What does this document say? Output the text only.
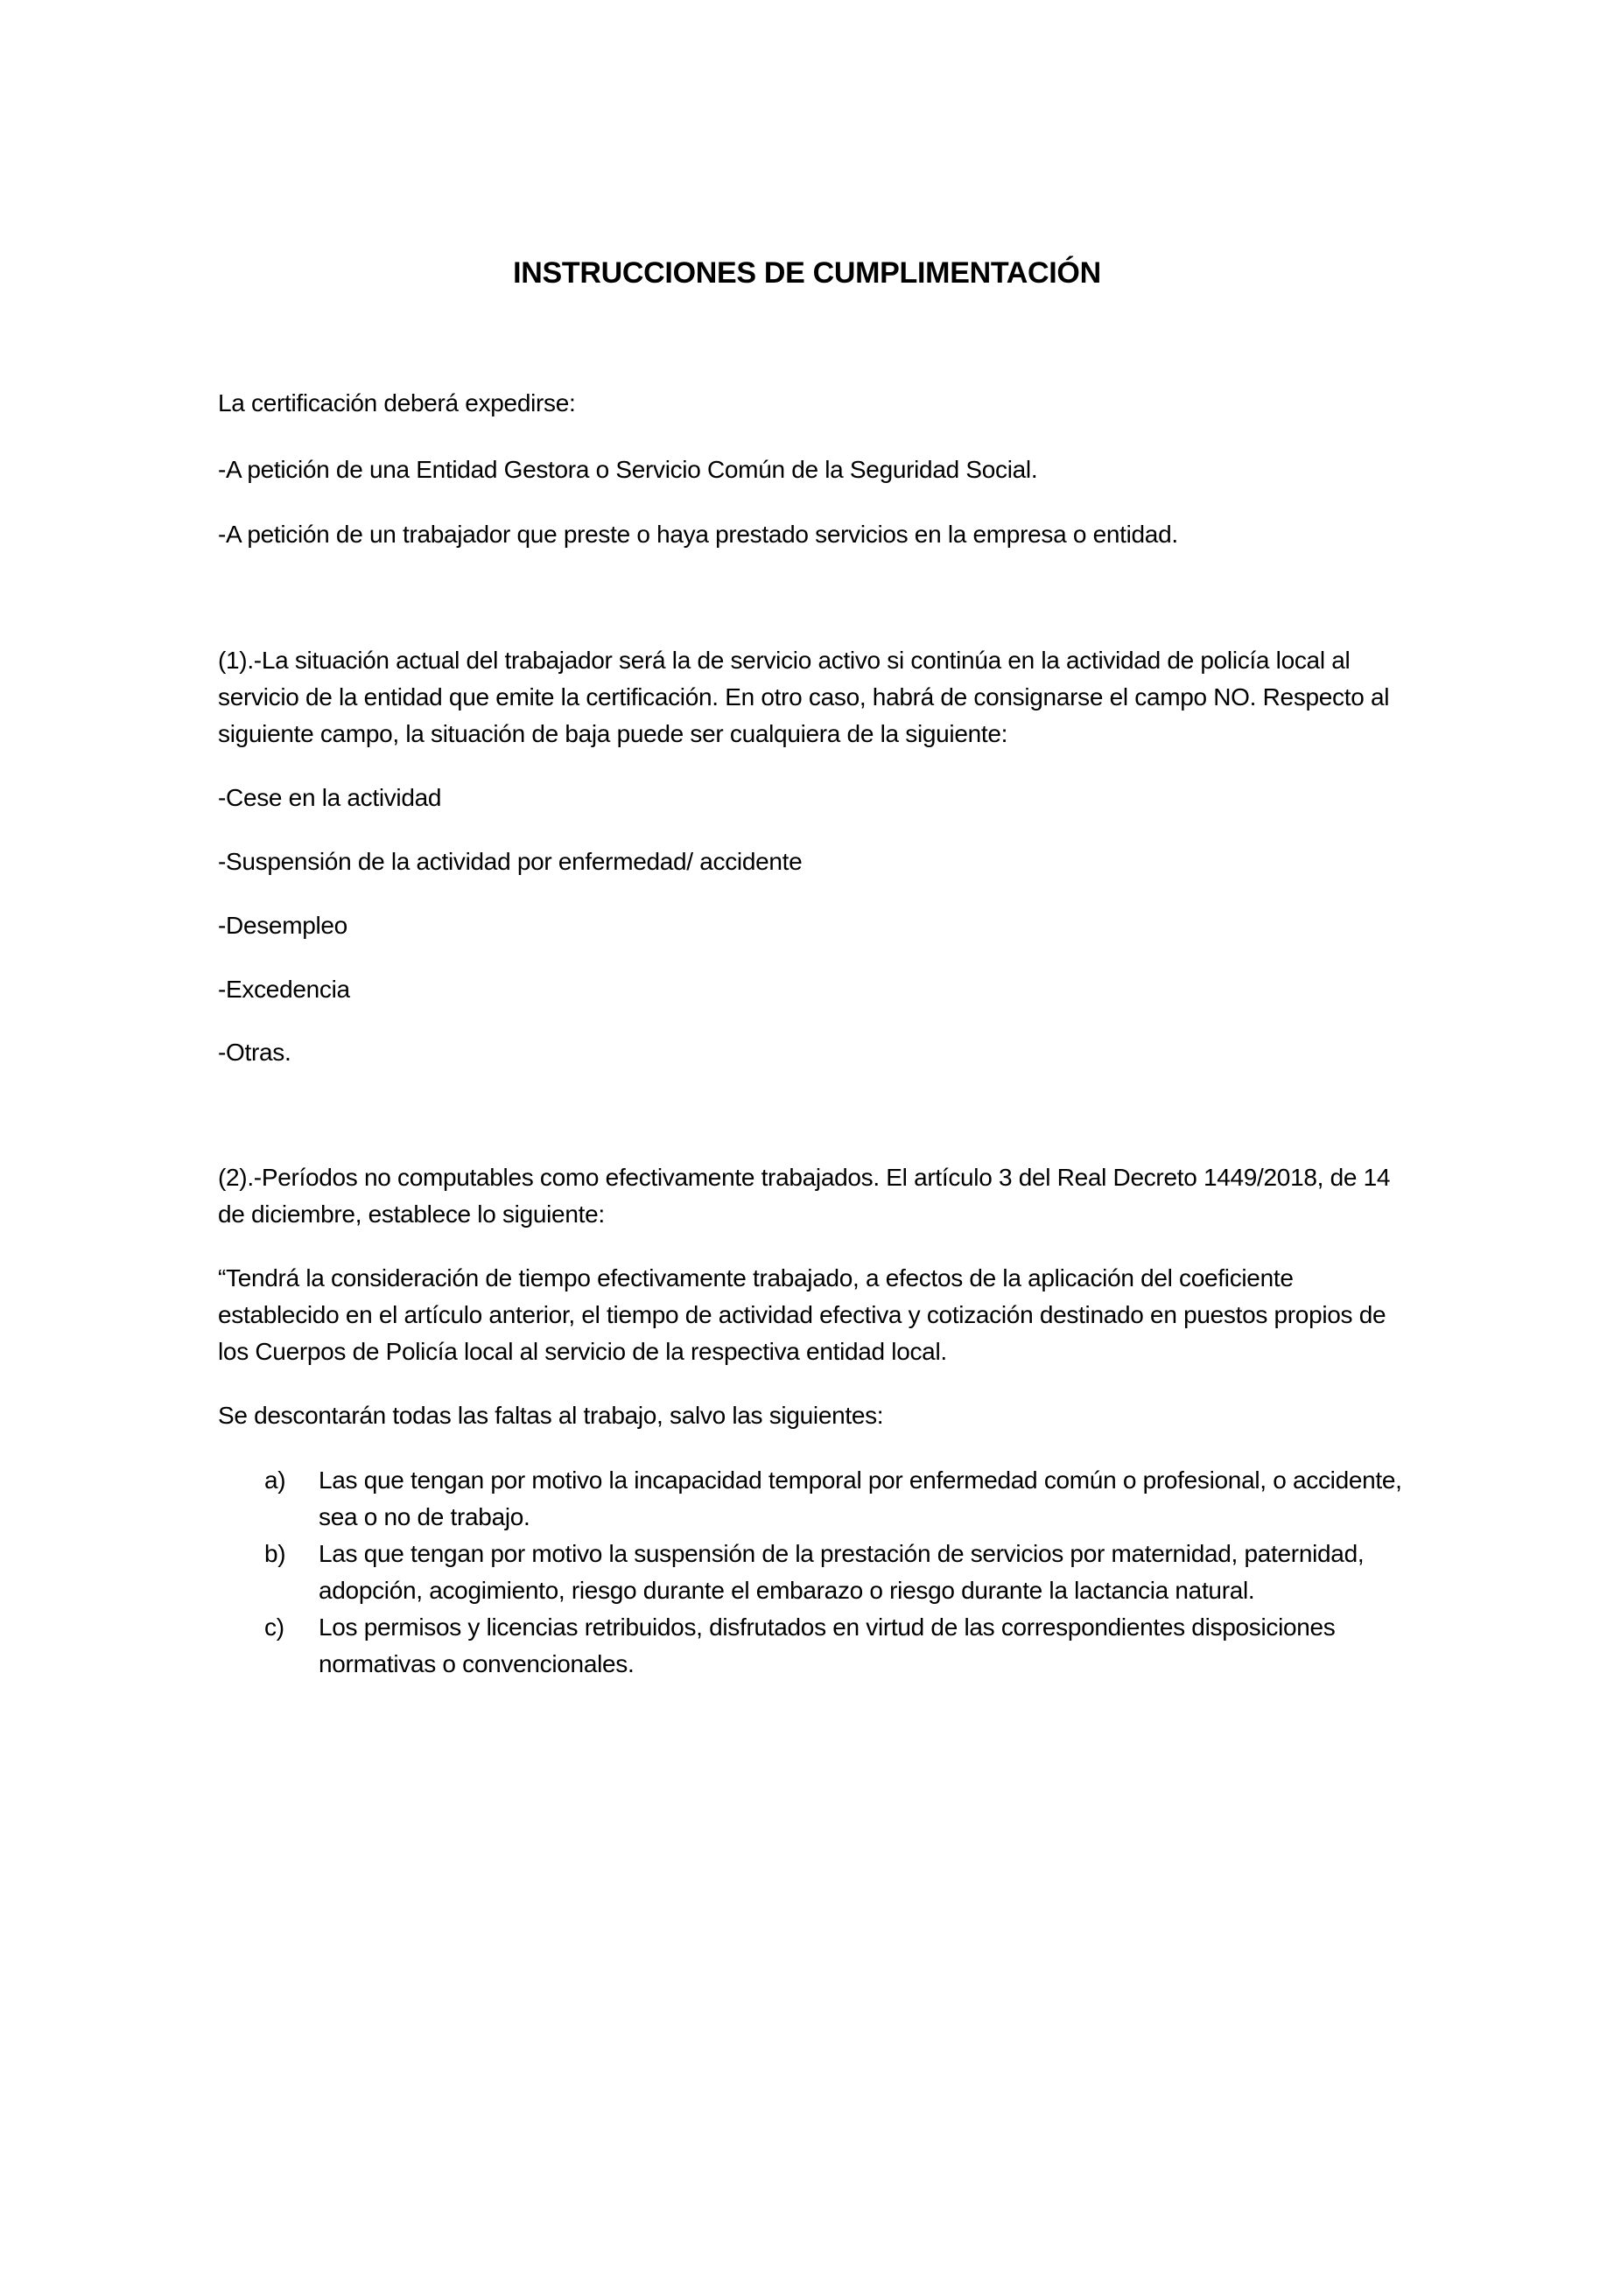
INSTRUCCIONES DE CUMPLIMENTACIÓN

La certificación deberá expedirse:

-A petición de una Entidad Gestora o Servicio Común de la Seguridad Social.

-A petición de un trabajador que preste o haya prestado servicios en la empresa o entidad.

(1).-La situación actual del trabajador será la de servicio activo si continúa en la actividad de policía local al servicio de la entidad que emite la certificación. En otro caso, habrá de consignarse el campo NO. Respecto al siguiente campo, la situación de baja puede ser cualquiera de la siguiente:

-Cese en la actividad

-Suspensión de la actividad por enfermedad/ accidente

-Desempleo

-Excedencia

-Otras.

(2).-Períodos no computables como efectivamente trabajados. El artículo 3 del Real Decreto 1449/2018, de 14 de diciembre, establece lo siguiente:

“Tendrá la consideración de tiempo efectivamente trabajado, a efectos de la aplicación del coeficiente establecido en el artículo anterior, el tiempo de actividad efectiva y cotización destinado en puestos propios de los Cuerpos de Policía local al servicio de la respectiva entidad local.

Se descontarán todas las faltas al trabajo, salvo las siguientes:

a)	Las que tengan por motivo la incapacidad temporal por enfermedad común o profesional, o accidente, sea o no de trabajo.
b)	Las que tengan por motivo la suspensión de la prestación de servicios por maternidad, paternidad, adopción, acogimiento, riesgo durante el embarazo o riesgo durante la lactancia natural.
c)	Los permisos y licencias retribuidos, disfrutados en virtud de las correspondientes disposiciones normativas o convencionales.
